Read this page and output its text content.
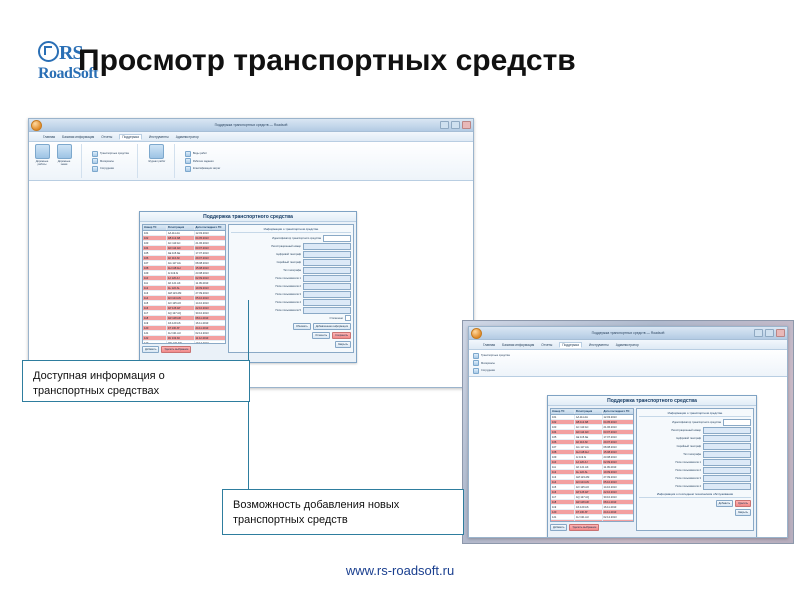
RS
RoadSoft
Просмотр транспортных средств
Поддержка транспортных средств — Roadsoft
Главная Базовая информация Отчеты	Поддержка	Инструменты Администратор
Дорожные работы
Дорожные знаки
Транспортные средства
Материалы
Сотрудники
Журнал работ
Виды работ
Рабочие задания
Классификация затрат
Поддержка транспортного средства
Номер ТС	Регистрация	Дата последнего ТО
101	AA 111 AA	12.03.2013
102	AB 112 AB	04.05.2013
103	AC 113 AC	21.06.2013
104	AD 114 AD	03.07.2013
105	AE 115 AE	17.07.2013
106	AF 116 AF	29.07.2013
107	AG 117 AG	08.08.2013
108	AH 118 AH	15.08.2013
109	AI 119 AI	23.08.2013
110	AJ 120 AJ	02.09.2013
111	AK 121 AK	11.09.2013
112	AL 122 AL	19.09.2013
113	AM 123 AM	27.09.2013
114	AN 124 AN	05.10.2013
115	AO 125 AO	14.10.2013
116	AP 126 AP	22.10.2013
117	AQ 127 AQ	30.10.2013
118	AR 128 AR	08.11.2013
119	AS 129 AS	16.11.2013
120	AT 130 AT	24.11.2013
121	AU 131 AU	02.12.2013
122	AV 132 AV	11.12.2013
123	AW 133 AW	19.12.2013
Добавить	Удалить выбранное
Информация о транспортном средстве
Идентификатор транспортного средства
Регистрационный номер
Цифровой тахограф
Серийный тахограф
Тип тахографа
Поле пользователя 1
Поле пользователя 2
Поле пользователя 3
Поле пользователя 4
Поле пользователя 5
Отключено
Обновить	Добавленная информация
Отменить	Сохранить
Закрыть
Поддержка транспортных средств — Roadsoft
Главная Базовая информация Отчеты	Поддержка	Инструменты Администратор
Транспортные средства
Материалы
Сотрудники
Поддержка транспортного средства
Номер ТС	Регистрация	Дата последнего ТО
101	AA 111 AA	12.03.2013
102	AB 112 AB	04.05.2013
103	AC 113 AC	21.06.2013
104	AD 114 AD	03.07.2013
105	AE 115 AE	17.07.2013
106	AF 116 AF	29.07.2013
107	AG 117 AG	08.08.2013
108	AH 118 AH	15.08.2013
109	AI 119 AI	23.08.2013
110	AJ 120 AJ	02.09.2013
111	AK 121 AK	11.09.2013
112	AL 122 AL	19.09.2013
113	AM 123 AM	27.09.2013
114	AN 124 AN	05.10.2013
115	AO 125 AO	14.10.2013
116	AP 126 AP	22.10.2013
117	AQ 127 AQ	30.10.2013
118	AR 128 AR	08.11.2013
119	AS 129 AS	16.11.2013
120	AT 130 AT	24.11.2013
121	AU 131 AU	02.12.2013
122	AV 132 AV	11.12.2013
Добавить	Удалить выбранное
Информация о транспортном средстве
Идентификатор транспортного средства
Регистрационный номер
Цифровой тахограф
Серийный тахограф
Тип тахографа
Поле пользователя 1
Поле пользователя 2
Поле пользователя 3
Поле пользователя 4
Информация о последнем техническом обслуживании
Добавить	Удалить
Закрыть
Доступная информация о транспортных средствах
Возможность добавления новых транспортных средств
www.rs-roadsoft.ru
